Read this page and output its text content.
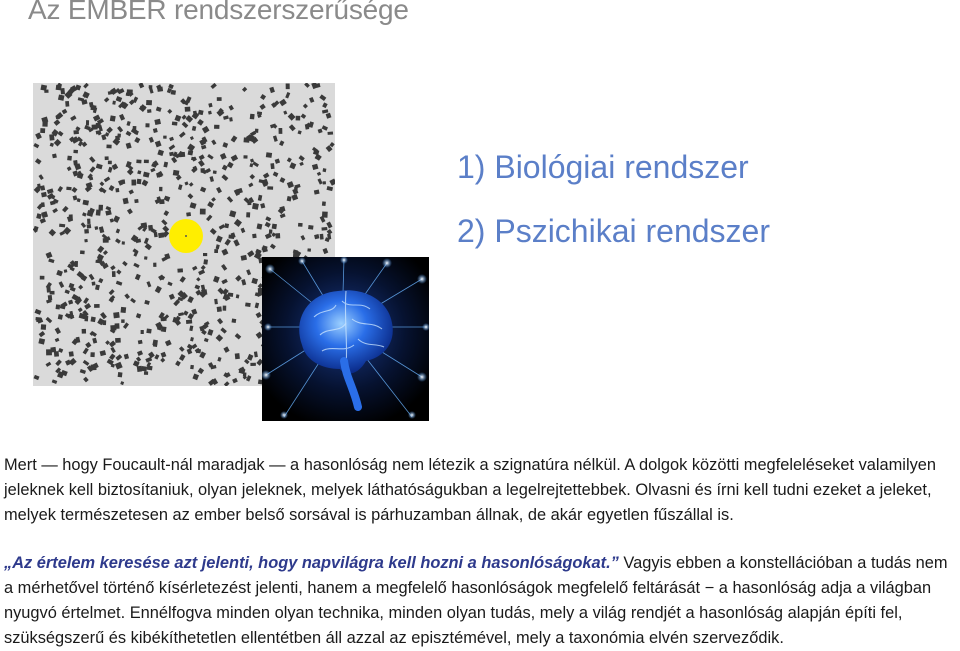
Az EMBER rendszerszerűsége
1) Biológiai rendszer
2) Pszichikai rendszer

Mert — hogy Foucault-nál maradjak — a hasonlóság nem létezik a szignatúra nélkül. A dolgok közötti megfeleléseket valamilyen jeleknek kell biztosítaniuk, olyan jeleknek, melyek láthatóságukban a legelrejtettebbek. Olvasni és írni kell tudni ezeket a jeleket, melyek természetesen az ember belső sorsával is párhuzamban állnak, de akár egyetlen fűszállal is.

„Az értelem keresése azt jelenti, hogy napvilágra kell hozni a hasonlóságokat.” Vagyis ebben a konstellációban a tudás nem a mérhetővel történő kísérletezést jelenti, hanem a megfelelő hasonlóságok megfelelő feltárását − a hasonlóság adja a világban nyugvó értelmet. Ennélfogva minden olyan technika, minden olyan tudás, mely a világ rendjét a hasonlóság alapján építi fel, szükségszerű és kibékíthetetlen ellentétben áll azzal az episztémével, mely a taxonómia elvén szerveződik.
